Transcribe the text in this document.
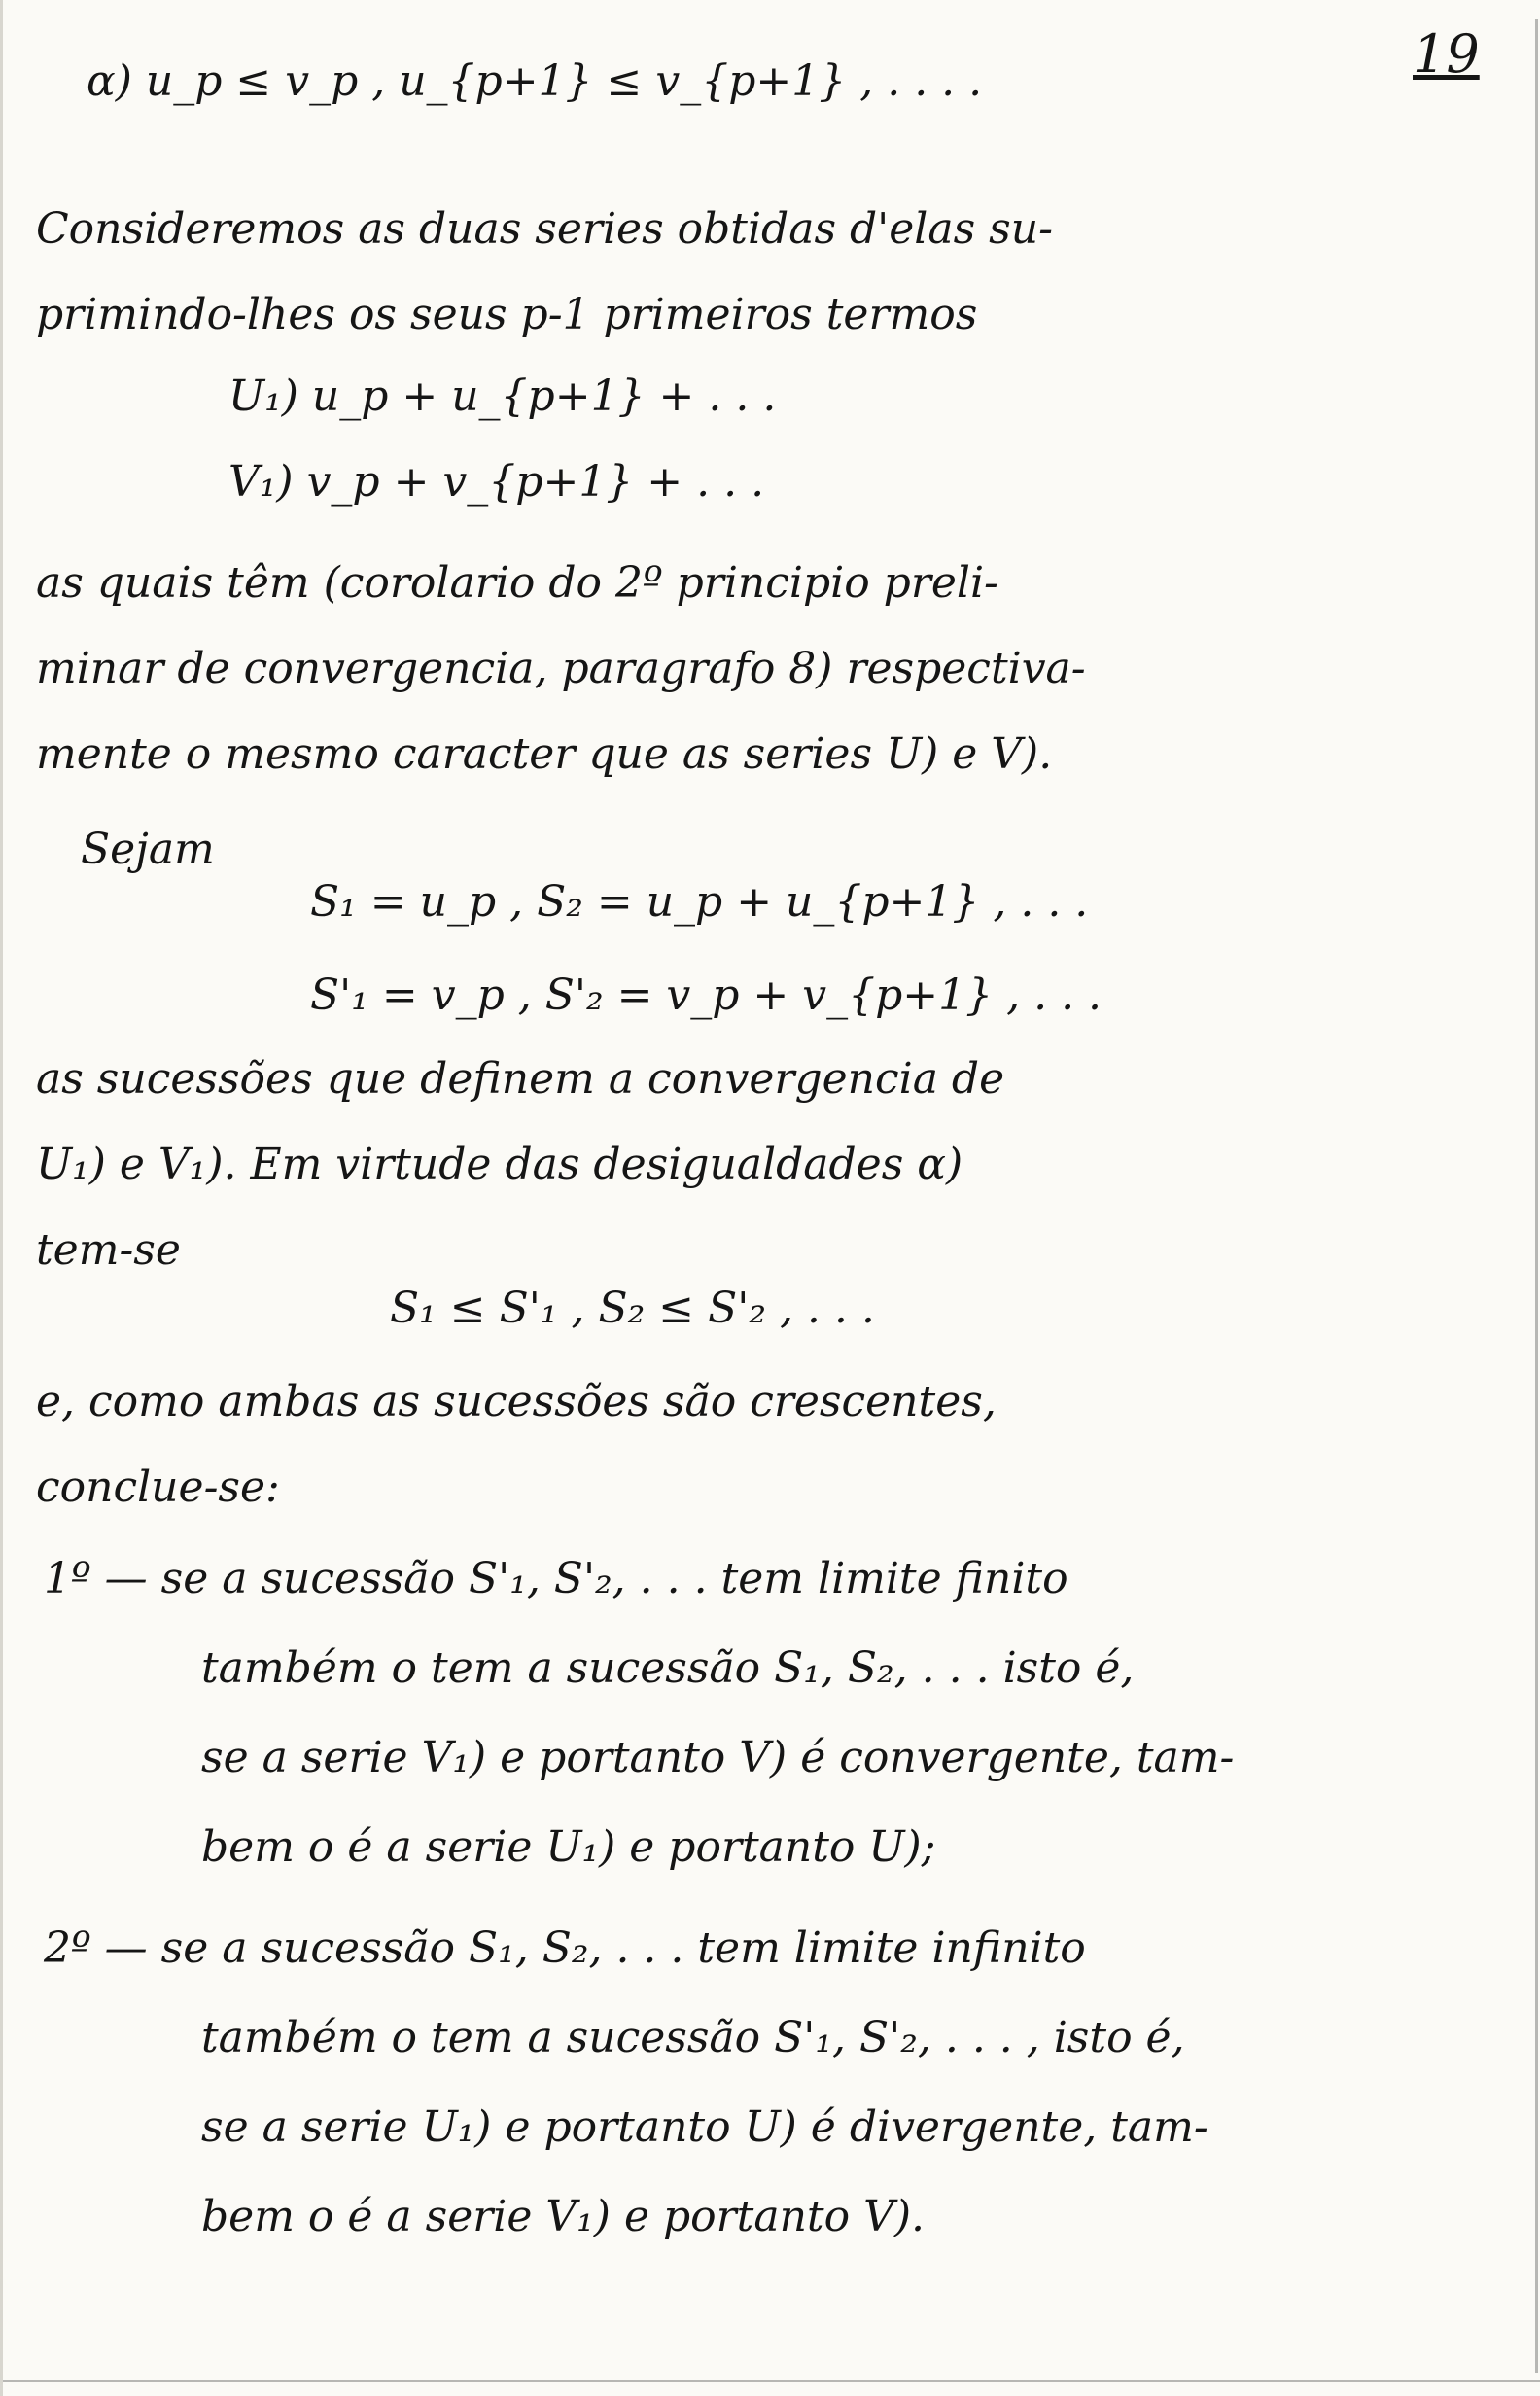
19
α) u_p ≤ v_p , u_{p+1} ≤ v_{p+1} , . . . .
Consideremos as duas series obtidas d'elas su-
primindo-lhes os seus p-1 primeiros termos
U₁) u_p + u_{p+1} + . . .
V₁) v_p + v_{p+1} + . . .
as quais têm (corolario do 2º principio preli-
minar de convergencia, paragrafo 8) respectiva-
mente o mesmo caracter que as series U) e V).
Sejam
S₁ = u_p , S₂ = u_p + u_{p+1} , . . .
S'₁ = v_p , S'₂ = v_p + v_{p+1} , . . .
as sucessões que definem a convergencia de
U₁) e V₁). Em virtude das desigualdades α)
tem-se
S₁ ≤ S'₁ , S₂ ≤ S'₂ , . . .
e, como ambas as sucessões são crescentes,
conclue-se:
1º — se a sucessão S'₁, S'₂, . . . tem limite finito
também o tem a sucessão S₁, S₂, . . . isto é,
se a serie V₁) e portanto V) é convergente, tam-
bem o é a serie U₁) e portanto U);
2º — se a sucessão S₁, S₂, . . . tem limite infinito
também o tem a sucessão S'₁, S'₂, . . . , isto é,
se a serie U₁) e portanto U) é divergente, tam-
bem o é a serie V₁) e portanto V).
